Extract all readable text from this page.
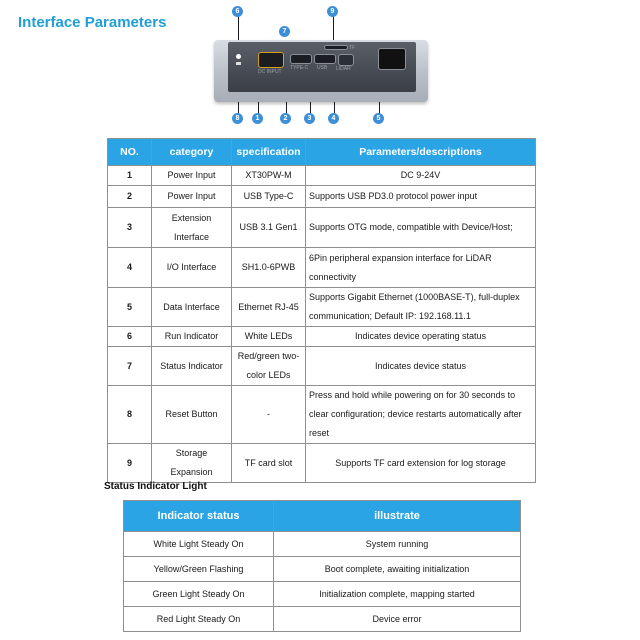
Interface Parameters
DC INPUT
TYPE-C USB LIDAR
TF
6
7
9
8	1	2	3	4	5
NO.	category	specification	Parameters/descriptions
1	Power Input	XT30PW-M	DC 9-24V
2	Power Input	USB Type-C	Supports USB PD3.0 protocol power input
3	Extension Interface	USB 3.1 Gen1	Supports OTG mode, compatible with Device/Host;
4	I/O Interface	SH1.0-6PWB	6Pin peripheral expansion interface for LiDAR connectivity
5	Data Interface	Ethernet RJ-45	Supports Gigabit Ethernet (1000BASE-T), full-duplex communication; Default IP: 192.168.11.1
6	Run Indicator	White LEDs	Indicates device operating status
7	Status Indicator	Red/green two-color LEDs	Indicates device status
8	Reset Button	-	Press and hold while powering on for 30 seconds to clear configuration; device restarts automatically after reset
9	Storage Expansion	TF card slot	Supports TF card extension for log storage
Status Indicator Light
Indicator status	illustrate
White Light Steady On	System running
Yellow/Green Flashing	Boot complete, awaiting initialization
Green Light Steady On	Initialization complete, mapping started
Red Light Steady On	Device error
